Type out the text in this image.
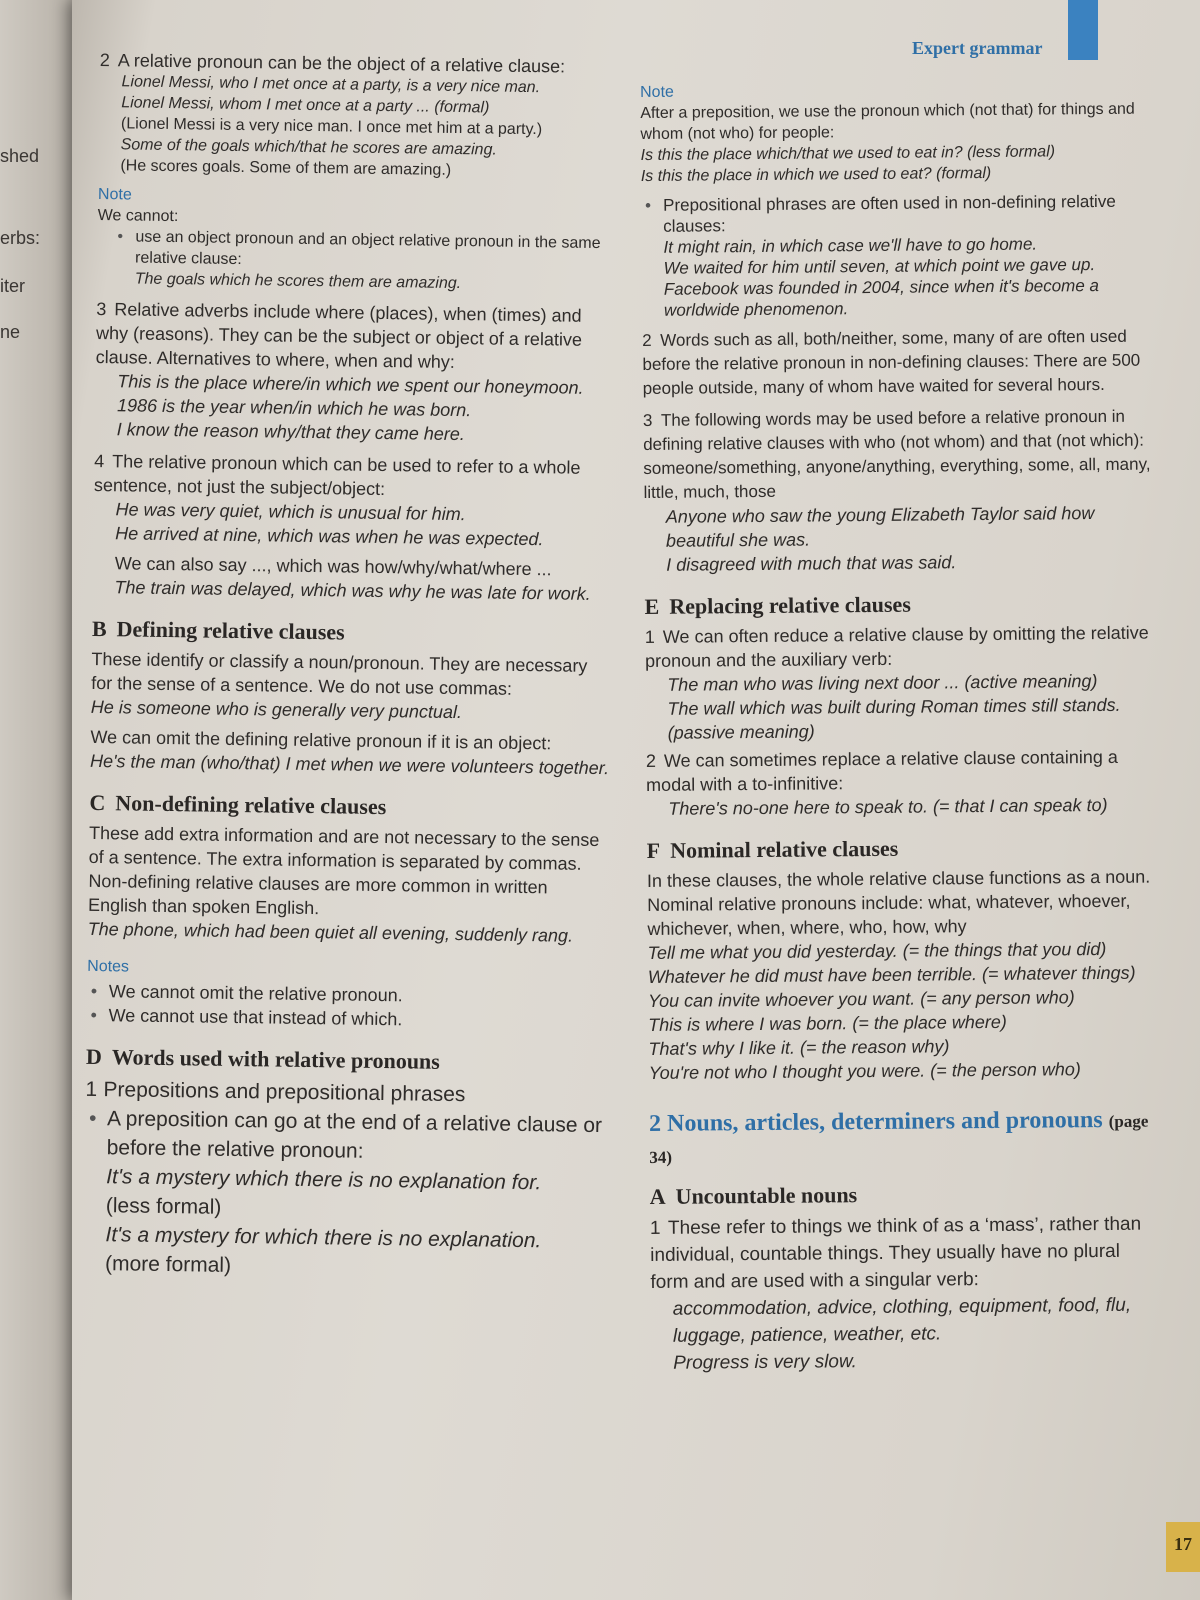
shed
erbs:
iter
ne
Expert grammar
17

2 A relative pronoun can be the object of a relative clause:

Lionel Messi, who I met once at a party, is a very nice man.

Lionel Messi, whom I met once at a party ... (formal)

(Lionel Messi is a very nice man. I once met him at a party.)

Some of the goals which/that he scores are amazing.

(He scores goals. Some of them are amazing.)

Note

We cannot:

• use an object pronoun and an object relative pronoun in the same relative clause:

The goals which he scores them are amazing.

3 Relative adverbs include where (places), when (times) and why (reasons). They can be the subject or object of a relative clause. Alternatives to where, when and why:

This is the place where/in which we spent our honeymoon.

1986 is the year when/in which he was born.

I know the reason why/that they came here.

4 The relative pronoun which can be used to refer to a whole sentence, not just the subject/object:

He was very quiet, which is unusual for him.

He arrived at nine, which was when he was expected.

We can also say ..., which was how/why/what/where ...

The train was delayed, which was why he was late for work.

B Defining relative clauses

These identify or classify a noun/pronoun. They are necessary for the sense of a sentence. We do not use commas:

He is someone who is generally very punctual.

We can omit the defining relative pronoun if it is an object:

He's the man (who/that) I met when we were volunteers together.

C Non-defining relative clauses

These add extra information and are not necessary to the sense of a sentence. The extra information is separated by commas. Non-defining relative clauses are more common in written English than spoken English.

The phone, which had been quiet all evening, suddenly rang.

Notes

• We cannot omit the relative pronoun.

• We cannot use that instead of which.

D Words used with relative pronouns

1 Prepositions and prepositional phrases

• A preposition can go at the end of a relative clause or before the relative pronoun:

It's a mystery which there is no explanation for.

(less formal)

It's a mystery for which there is no explanation.

(more formal)

Note

After a preposition, we use the pronoun which (not that) for things and whom (not who) for people:

Is this the place which/that we used to eat in? (less formal)

Is this the place in which we used to eat? (formal)

• Prepositional phrases are often used in non-defining relative clauses:

It might rain, in which case we'll have to go home.

We waited for him until seven, at which point we gave up.

Facebook was founded in 2004, since when it's become a worldwide phenomenon.

2 Words such as all, both/neither, some, many of are often used before the relative pronoun in non-defining clauses: There are 500 people outside, many of whom have waited for several hours.

3 The following words may be used before a relative pronoun in defining relative clauses with who (not whom) and that (not which): someone/something, anyone/anything, everything, some, all, many, little, much, those

Anyone who saw the young Elizabeth Taylor said how beautiful she was.

I disagreed with much that was said.

E Replacing relative clauses

1 We can often reduce a relative clause by omitting the relative pronoun and the auxiliary verb:

The man who was living next door ... (active meaning)

The wall which was built during Roman times still stands. (passive meaning)

2 We can sometimes replace a relative clause containing a modal with a to-infinitive:

There's no-one here to speak to. (= that I can speak to)

F Nominal relative clauses

In these clauses, the whole relative clause functions as a noun. Nominal relative pronouns include: what, whatever, whoever, whichever, when, where, who, how, why

Tell me what you did yesterday. (= the things that you did)

Whatever he did must have been terrible. (= whatever things)

You can invite whoever you want. (= any person who)

This is where I was born. (= the place where)

That's why I like it. (= the reason why)

You're not who I thought you were. (= the person who)

2 Nouns, articles, determiners and pronouns (page 34)
A Uncountable nouns

1 These refer to things we think of as a ‘mass’, rather than individual, countable things. They usually have no plural form and are used with a singular verb:

accommodation, advice, clothing, equipment, food, flu, luggage, patience, weather, etc.

Progress is very slow.
